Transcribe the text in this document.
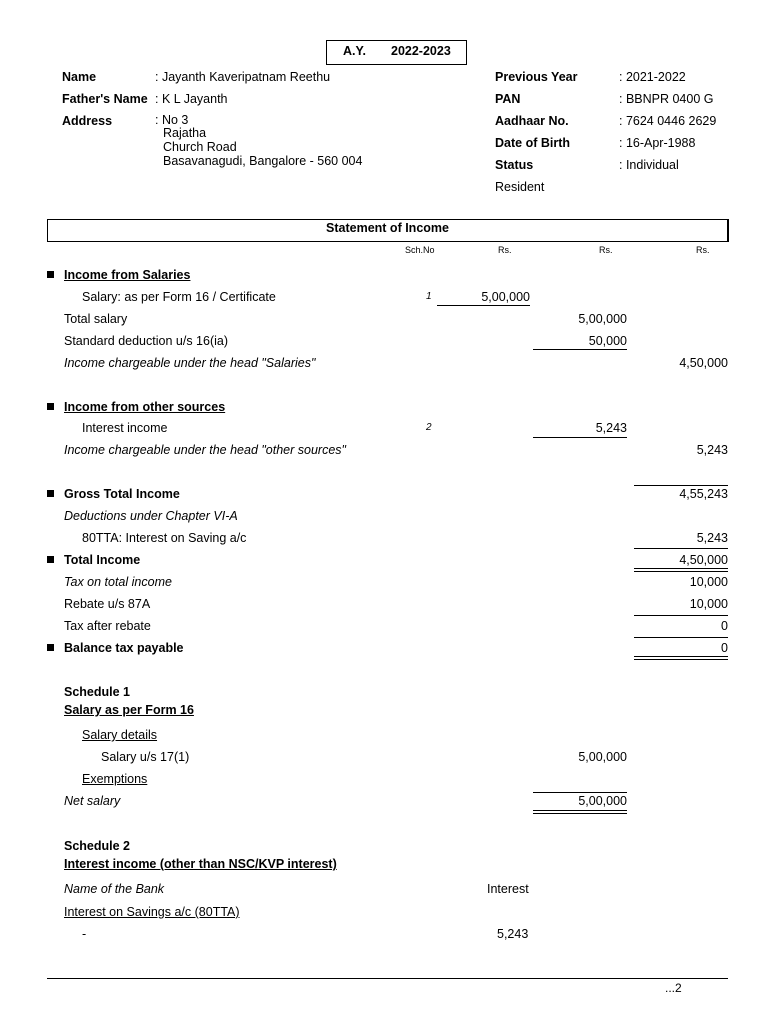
A.Y. 2022-2023
Name	: Jayanth Kaveripatnam Reethu
Father's Name : K L Jayanth
Address	: No 3
Rajatha
Church Road
Basavanagudi, Bangalore - 560 004
Previous Year	: 2021-2022
PAN	: BBNPR 0400 G
Aadhaar No.	: 7624 0446 2629
Date of Birth	: 16-Apr-1988
Status	: Individual
Resident
Statement of Income
Sch.No	Rs.	Rs.	Rs.
Income from Salaries
Salary: as per Form 16 / Certificate	1	5,00,000
Total salary	5,00,000
Standard deduction u/s 16(ia)	50,000
Income chargeable under the head "Salaries"	4,50,000
Income from other sources
Interest income	2	5,243
Income chargeable under the head "other sources"	5,243
Gross Total Income	4,55,243
Deductions under Chapter VI-A
80TTA: Interest on Saving a/c	5,243
Total Income	4,50,000
Tax on total income	10,000
Rebate u/s 87A	10,000
Tax after rebate	0
Balance tax payable	0
Schedule 1
Salary as per Form 16
Salary details
Salary u/s 17(1)	5,00,000
Exemptions
Net salary	5,00,000
Schedule 2
Interest income (other than NSC/KVP interest)
Name of the Bank	Interest
Interest on Savings a/c (80TTA)
-	5,243
...2
